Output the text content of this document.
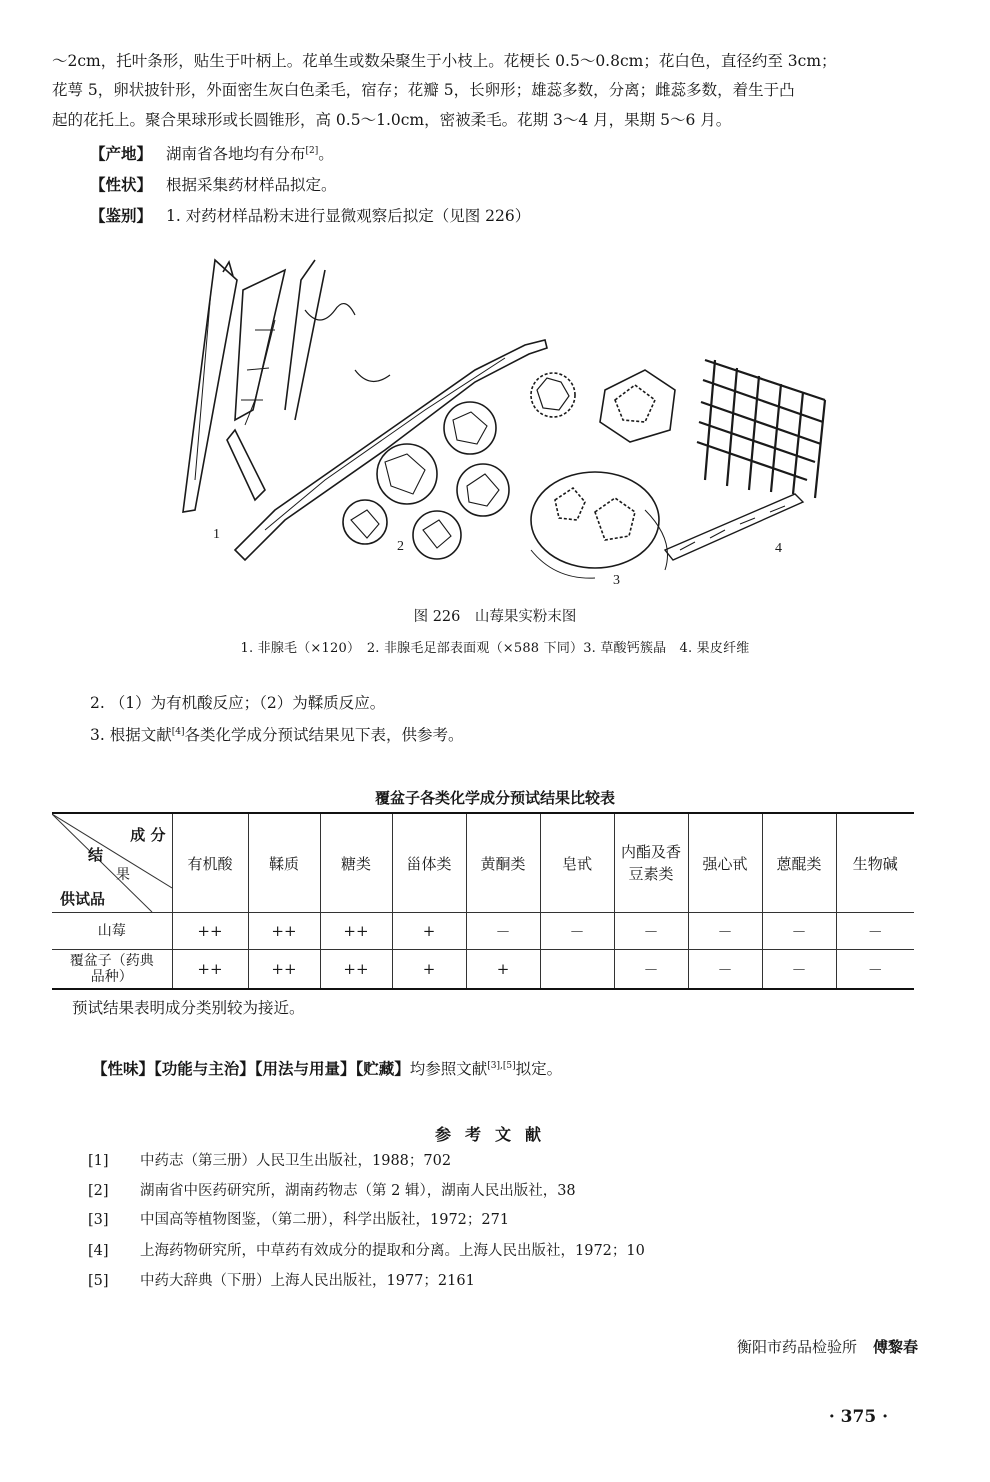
～2cm，托叶条形，贴生于叶柄上。花单生或数朵聚生于小枝上。花梗长 0.5～0.8cm；花白色，直径约至 3cm；
花萼 5，卵状披针形，外面密生灰白色柔毛，宿存；花瓣 5，长卵形；雄蕊多数，分离；雌蕊多数，着生于凸
起的花托上。聚合果球形或长圆锥形，高 0.5～1.0cm，密被柔毛。花期 3～4 月，果期 5～6 月。
【产地】 湖南省各地均有分布[2]。
【性状】 根据采集药材样品拟定。
【鉴别】 1. 对药材样品粉末进行显微观察后拟定（见图 226）
1
2
3
4
图 226　山莓果实粉末图
1. 非腺毛（×120）　2. 非腺毛足部表面观（×588 下同）3. 草酸钙簇晶　4. 果皮纤维
2. （1）为有机酸反应；（2）为鞣质反应。
3. 根据文献[4]各类化学成分预试结果见下表，供参考。
覆盆子各类化学成分预试结果比较表
成 分
结
果
供试品	有机酸	鞣质	糖类	甾体类	黄酮类	皂甙	内酯及香豆素类	强心甙	蒽醌类	生物碱
山莓	++	++	++	+	－	－	－	－	－	－
覆盆子（药典品种）	++	++	++	+	+		－	－	－	－
预试结果表明成分类别较为接近。
【性味】【功能与主治】【用法与用量】【贮藏】均参照文献[3],[5]拟定。
参考文献
[1] 中药志（第三册）人民卫生出版社，1988；702
[2] 湖南省中医药研究所，湖南药物志（第 2 辑），湖南人民出版社，38
[3] 中国高等植物图鉴，（第二册），科学出版社，1972；271
[4] 上海药物研究所，中草药有效成分的提取和分离。上海人民出版社，1972；10
[5] 中药大辞典（下册）上海人民出版社，1977；2161
衡阳市药品检验所 傅黎春
· 375 ·
